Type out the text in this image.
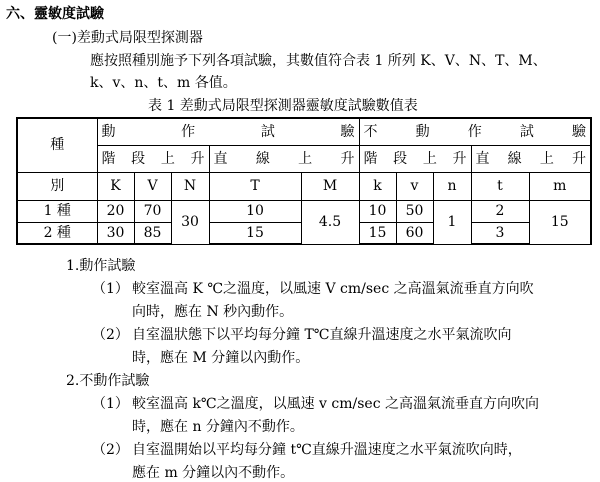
六、靈敏度試驗
(一)差動式局限型探測器
應按照種別施予下列各項試驗，其數值符合表 1 所列 K、V、N、T、M、
k、v、n、t、m 各值。
表 1 差動式局限型探測器靈敏度試驗數值表
種	動 作 試 驗					不 動 作 試 驗				

	階 段 上 升			直 線 上 升		階 段 上 升			直 線 上 升	

別	K	V	N	T	M	k	v	n	t	m
1 種	20	70	30	10	4.5	10	50	1	2	15
2 種	30	85		15		15	60		3	
1.動作試驗
（1） 較室溫高 K ℃之溫度，以風速 V cm/sec 之高溫氣流垂直方向吹
向時，應在 N 秒內動作。
（2） 自室溫狀態下以平均每分鐘 T℃直線升溫速度之水平氣流吹向
時，應在 M 分鐘以內動作。
2.不動作試驗
（1） 較室溫高 k℃之溫度，以風速 v cm/sec 之高溫氣流垂直方向吹向
時，應在 n 分鐘內不動作。
（2） 自室溫開始以平均每分鐘 t℃直線升溫速度之水平氣流吹向時，
應在 m 分鐘以內不動作。
